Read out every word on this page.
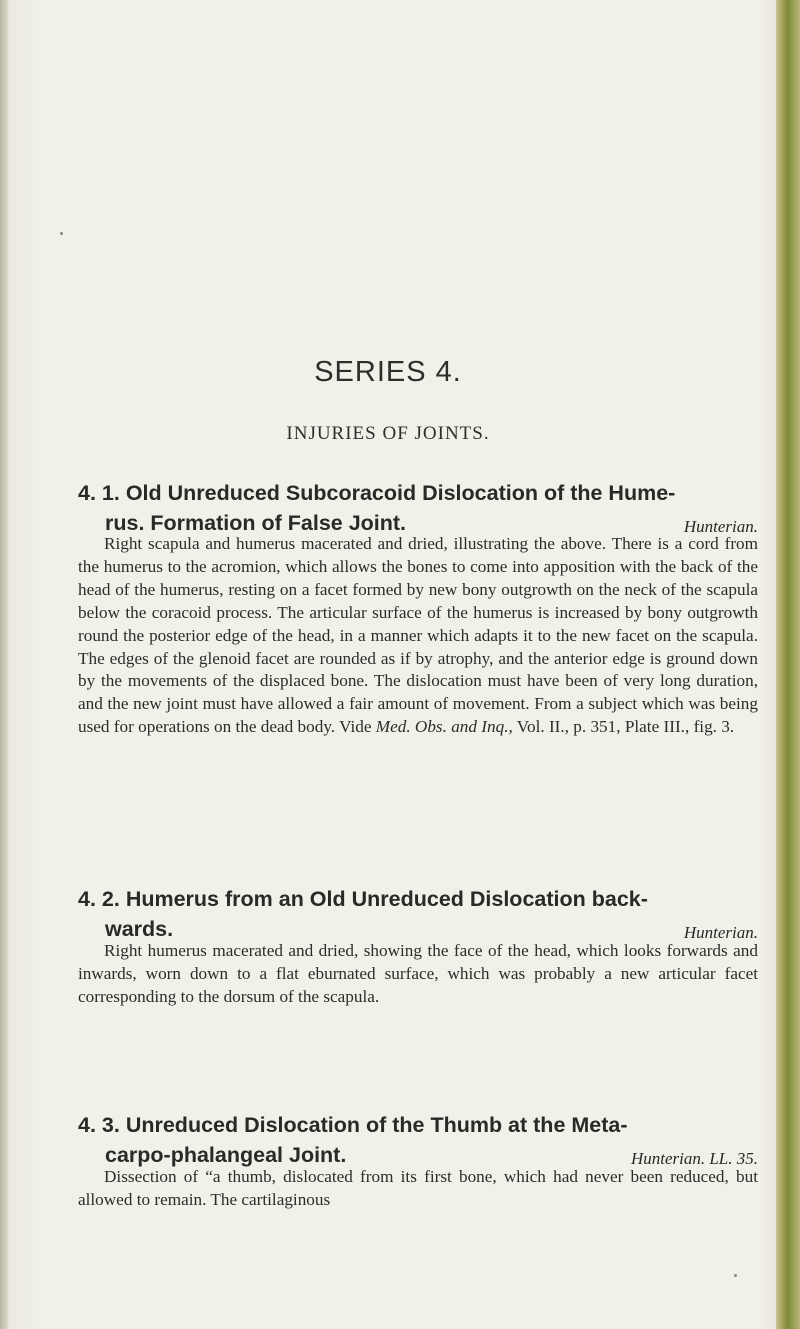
SERIES 4.
INJURIES OF JOINTS.
4. 1. Old Unreduced Subcoracoid Dislocation of the Hume-
Hunterian.
rus. Formation of False Joint.

Right scapula and humerus macerated and dried, illustrating the above. There is a cord from the humerus to the acromion, which allows the bones to come into apposition with the back of the head of the humerus, resting on a facet formed by new bony outgrowth on the neck of the scapula below the coracoid process. The articular surface of the humerus is increased by bony outgrowth round the posterior edge of the head, in a manner which adapts it to the new facet on the scapula. The edges of the glenoid facet are rounded as if by atrophy, and the anterior edge is ground down by the movements of the displaced bone. The dislocation must have been of very long duration, and the new joint must have allowed a fair amount of movement. From a subject which was being used for operations on the dead body. Vide Med. Obs. and Inq., Vol. II., p. 351, Plate III., fig. 3.

4. 2. Humerus from an Old Unreduced Dislocation back-
Hunterian.
wards.

Right humerus macerated and dried, showing the face of the head, which looks forwards and inwards, worn down to a flat eburnated surface, which was probably a new articular facet corresponding to the dorsum of the scapula.

4. 3. Unreduced Dislocation of the Thumb at the Meta-
Hunterian. LL. 35.
carpo-phalangeal Joint.

Dissection of “a thumb, dislocated from its first bone, which had never been reduced, but allowed to remain. The cartilaginous
